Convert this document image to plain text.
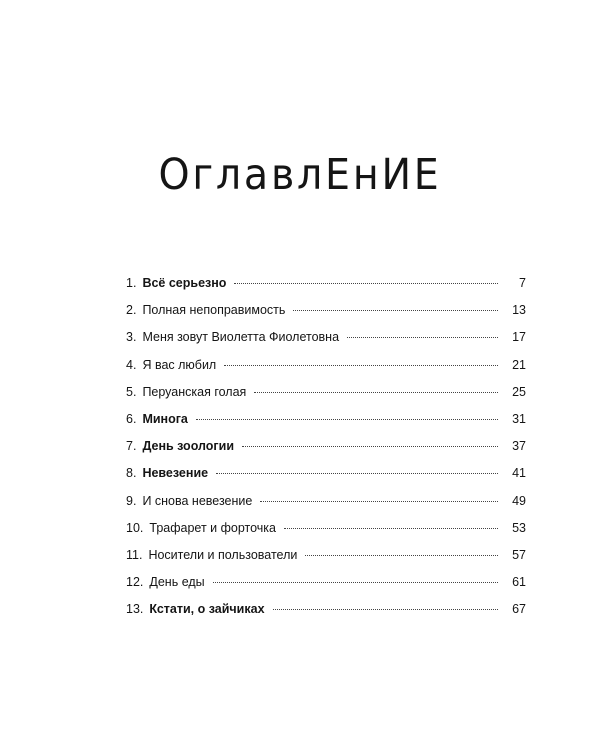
ОглавлЕнИЕ
1. Всё серьезно	7
2. Полная непоправимость	13
3. Меня зовут Виолетта Фиолетовна	17
4. Я вас любил	21
5. Перуанская голая	25
6. Минога	31
7. День зоологии	37
8. Невезение	41
9. И снова невезение	49
10. Трафарет и форточка	53
11. Носители и пользователи	57
12. День еды	61
13. Кстати, о зайчиках	67
